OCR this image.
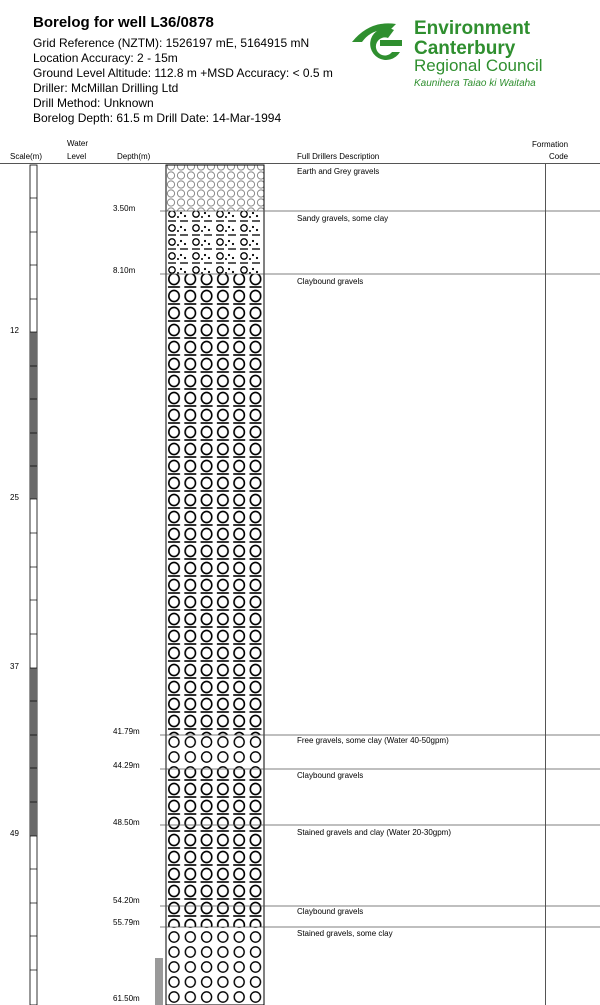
Borelog for well L36/0878
Grid Reference (NZTM): 1526197 mE, 5164915 mN
Location Accuracy: 2 - 15m
Ground Level Altitude: 112.8 m +MSD Accuracy: < 0.5 m
Driller: McMillan Drilling Ltd
Drill Method: Unknown
Borelog Depth: 61.5 m Drill Date: 14-Mar-1994
Environment
Canterbury
Regional Council
Kaunihera Taiao ki Waitaha
Scale(m)
Water
Level	Depth(m)	Full Drillers Description
Formation
Code
12
25
37
49
3.50m
8.10m
41.79m
44.29m
48.50m
54.20m
55.79m
61.50m
Earth and Grey gravels
Sandy gravels, some clay
Claybound gravels
Free gravels, some clay (Water 40-50gpm)
Claybound gravels
Stained gravels and clay (Water 20-30gpm)
Claybound gravels
Stained gravels, some clay
